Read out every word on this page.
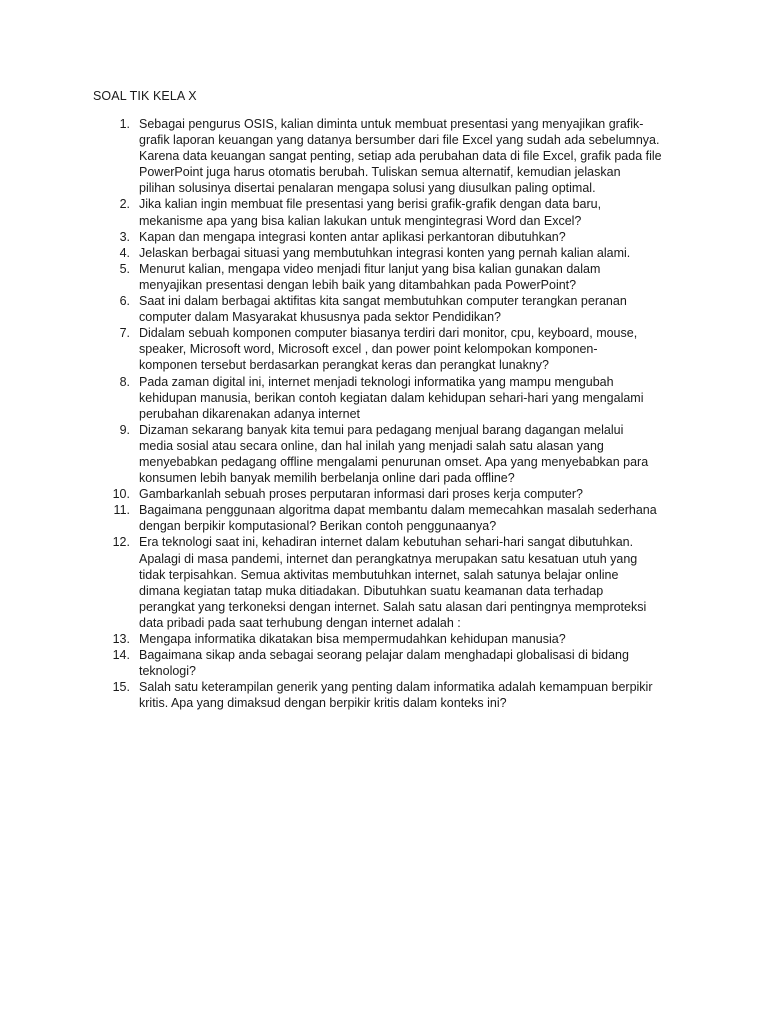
SOAL TIK KELA X
1. Sebagai pengurus OSIS, kalian diminta untuk membuat presentasi yang menyajikan grafik-
grafik laporan keuangan yang datanya bersumber dari file Excel yang sudah ada sebelumnya.
Karena data keuangan sangat penting, setiap ada perubahan data di file Excel, grafik pada file
PowerPoint juga harus otomatis berubah. Tuliskan semua alternatif, kemudian jelaskan
pilihan solusinya disertai penalaran mengapa solusi yang diusulkan paling optimal.
2. Jika kalian ingin membuat file presentasi yang berisi grafik-grafik dengan data baru,
mekanisme apa yang bisa kalian lakukan untuk mengintegrasi Word dan Excel?
3. Kapan dan mengapa integrasi konten antar aplikasi perkantoran dibutuhkan?
4. Jelaskan berbagai situasi yang membutuhkan integrasi konten yang pernah kalian alami.
5. Menurut kalian, mengapa video menjadi fitur lanjut yang bisa kalian gunakan dalam
menyajikan presentasi dengan lebih baik yang ditambahkan pada PowerPoint?
6. Saat ini dalam berbagai aktifitas kita sangat membutuhkan computer terangkan peranan
computer dalam Masyarakat khususnya pada sektor Pendidikan?
7. Didalam sebuah komponen computer biasanya terdiri dari monitor, cpu, keyboard, mouse,
speaker, Microsoft word, Microsoft excel , dan power point kelompokan komponen-
komponen tersebut berdasarkan perangkat keras dan perangkat lunakny?
8. Pada zaman digital ini, internet menjadi teknologi informatika yang mampu mengubah
kehidupan manusia, berikan contoh kegiatan dalam kehidupan sehari-hari yang mengalami
perubahan dikarenakan adanya internet
9. Dizaman sekarang banyak kita temui para pedagang menjual barang dagangan melalui
media sosial atau secara online, dan hal inilah yang menjadi salah satu alasan yang
menyebabkan pedagang offline mengalami penurunan omset. Apa yang menyebabkan para
konsumen lebih banyak memilih berbelanja online dari pada offline?
10. Gambarkanlah sebuah proses perputaran informasi dari proses kerja computer?
11. Bagaimana penggunaan algoritma dapat membantu dalam memecahkan masalah sederhana
dengan berpikir komputasional? Berikan contoh penggunaanya?
12. Era teknologi saat ini, kehadiran internet dalam kebutuhan sehari-hari sangat dibutuhkan.
Apalagi di masa pandemi, internet dan perangkatnya merupakan satu kesatuan utuh yang
tidak terpisahkan. Semua aktivitas membutuhkan internet, salah satunya belajar online
dimana kegiatan tatap muka ditiadakan. Dibutuhkan suatu keamanan data terhadap
perangkat yang terkoneksi dengan internet. Salah satu alasan dari pentingnya memproteksi
data pribadi pada saat terhubung dengan internet adalah :
13. Mengapa informatika dikatakan bisa mempermudahkan kehidupan manusia?
14. Bagaimana sikap anda sebagai seorang pelajar dalam menghadapi globalisasi di bidang
teknologi?
15. Salah satu keterampilan generik yang penting dalam informatika adalah kemampuan berpikir
kritis. Apa yang dimaksud dengan berpikir kritis dalam konteks ini?
